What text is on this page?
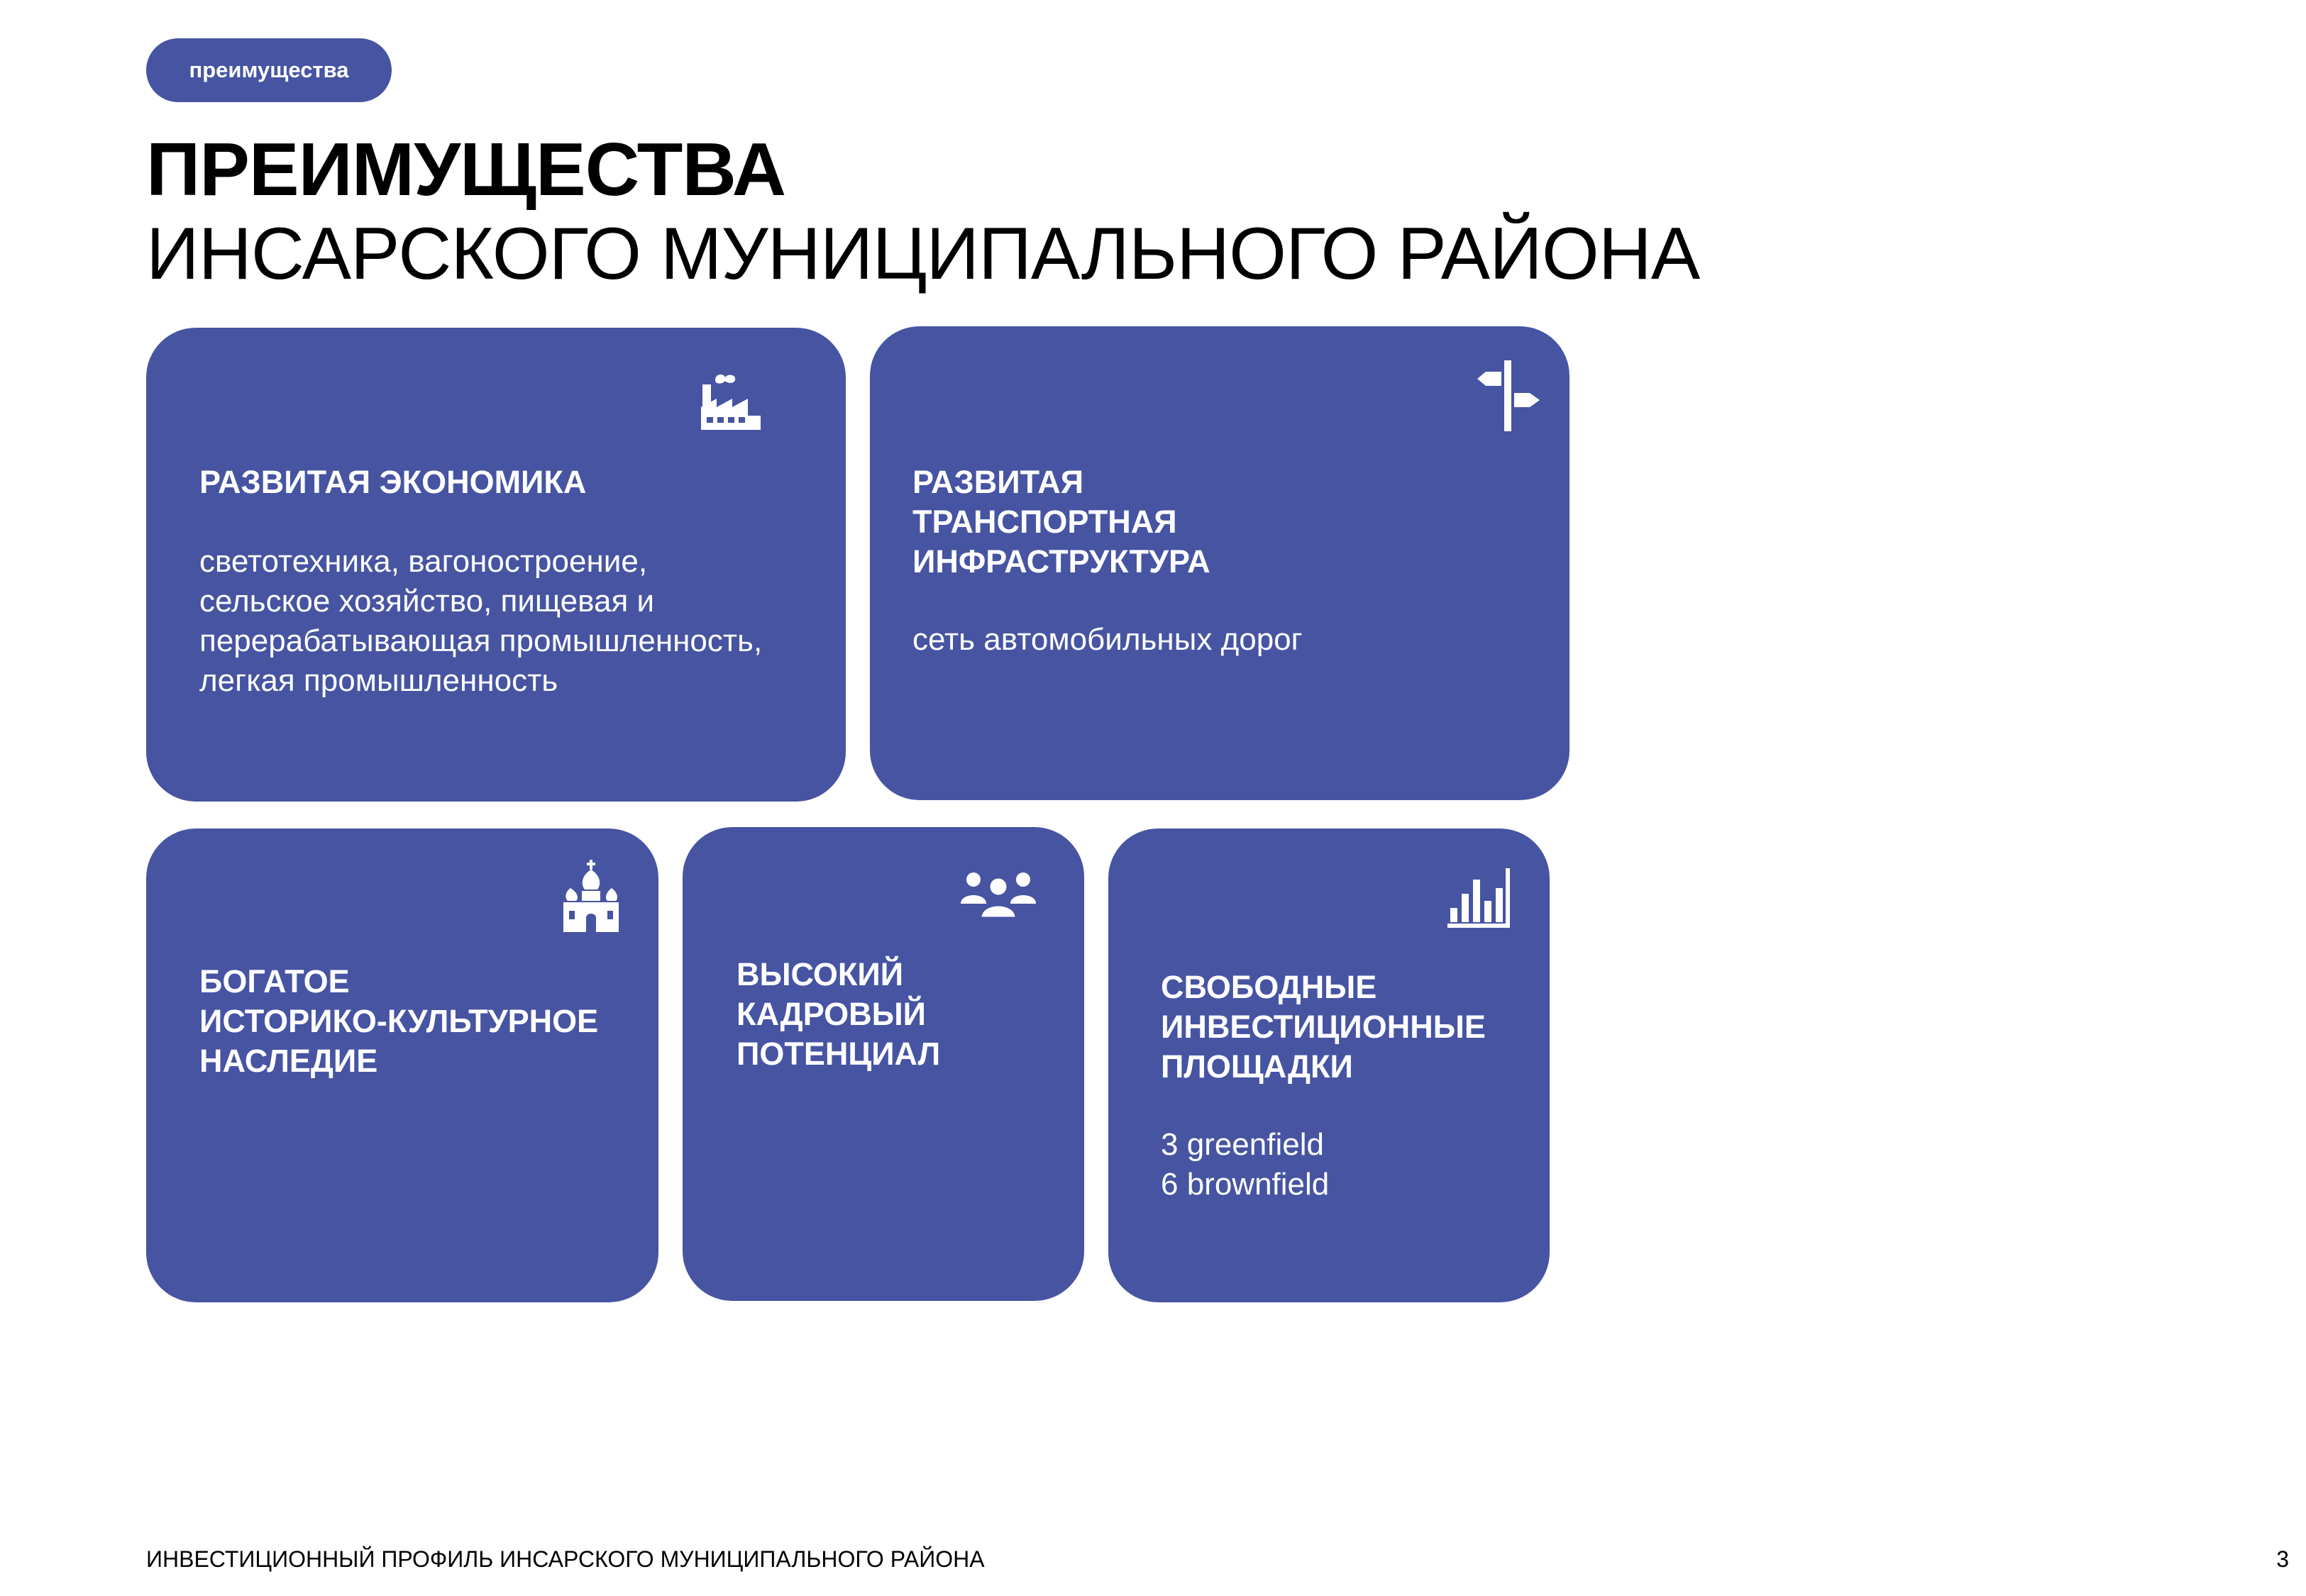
преимущества
ПРЕИМУЩЕСТВА
ИНСАРСКОГО МУНИЦИПАЛЬНОГО РАЙОНА
РАЗВИТАЯ ЭКОНОМИКА
светотехника, вагоностроение,
сельское хозяйство, пищевая и
перерабатывающая промышленность,
легкая промышленность
РАЗВИТАЯ
ТРАНСПОРТНАЯ
ИНФРАСТРУКТУРА
сеть автомобильных дорог
БОГАТОЕ
ИСТОРИКО-КУЛЬТУРНОЕ
НАСЛЕДИЕ
ВЫСОКИЙ
КАДРОВЫЙ
ПОТЕНЦИАЛ
СВОБОДНЫЕ
ИНВЕСТИЦИОННЫЕ
ПЛОЩАДКИ
3 greenfield
6 brownfield
ИНВЕСТИЦИОННЫЙ ПРОФИЛЬ ИНСАРСКОГО МУНИЦИПАЛЬНОГО РАЙОНА	3
